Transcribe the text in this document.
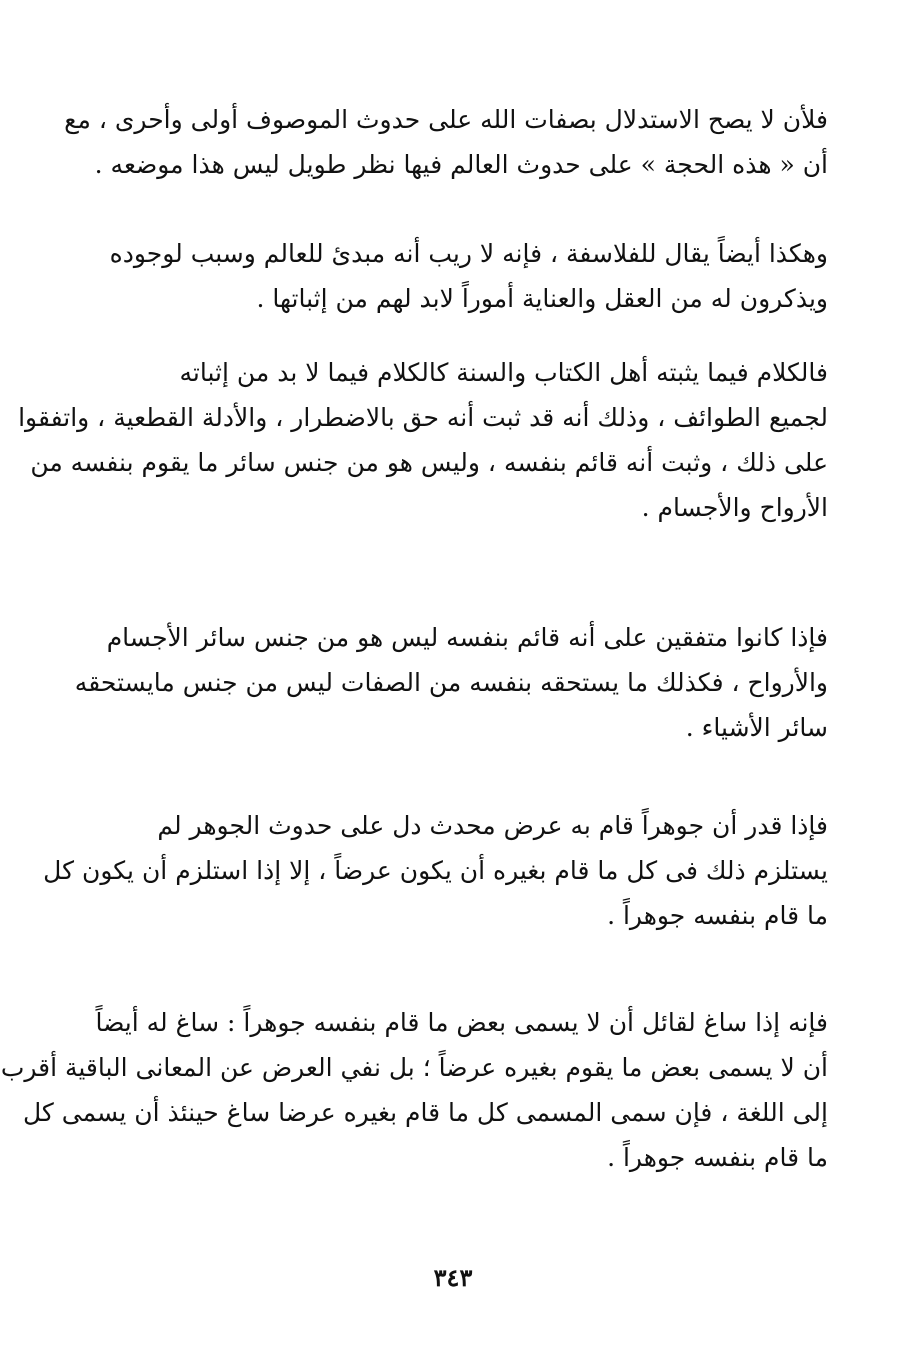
فلأن لا يصح الاستدلال بصفات الله على حدوث الموصوف أولى وأحرى ، مع
أن « هذه الحجة » على حدوث العالم فيها نظر طويل ليس هذا موضعه .
وهكذا أيضاً يقال للفلاسفة ، فإنه لا ريب أنه مبدئ للعالم وسبب لوجوده
ويذكرون له من العقل والعناية أموراً لابد لهم من إثباتها .
فالكلام فيما يثبته أهل الكتاب والسنة كالكلام فيما لا بد من إثباته
لجميع الطوائف ، وذلك أنه قد ثبت أنه حق بالاضطرار ، والأدلة القطعية ، واتفقوا
على ذلك ، وثبت أنه قائم بنفسه ، وليس هو من جنس سائر ما يقوم بنفسه من
الأرواح والأجسام .
فإذا كانوا متفقين على أنه قائم بنفسه ليس هو من جنس سائر الأجسام
والأرواح ، فكذلك ما يستحقه بنفسه من الصفات ليس من جنس مايستحقه
سائر الأشياء .
فإذا قدر أن جوهراً قام به عرض محدث دل على حدوث الجوهر لم
يستلزم ذلك فى كل ما قام بغيره أن يكون عرضاً ، إلا إذا استلزم أن يكون كل
ما قام بنفسه جوهراً .
فإنه إذا ساغ لقائل أن لا يسمى بعض ما قام بنفسه جوهراً : ساغ له أيضاً
أن لا يسمى بعض ما يقوم بغيره عرضاً ؛ بل نفي العرض عن المعانى الباقية أقرب
إلى اللغة ، فإن سمى المسمى كل ما قام بغيره عرضا ساغ حينئذ أن يسمى كل
ما قام بنفسه جوهراً .
٣٤٣
